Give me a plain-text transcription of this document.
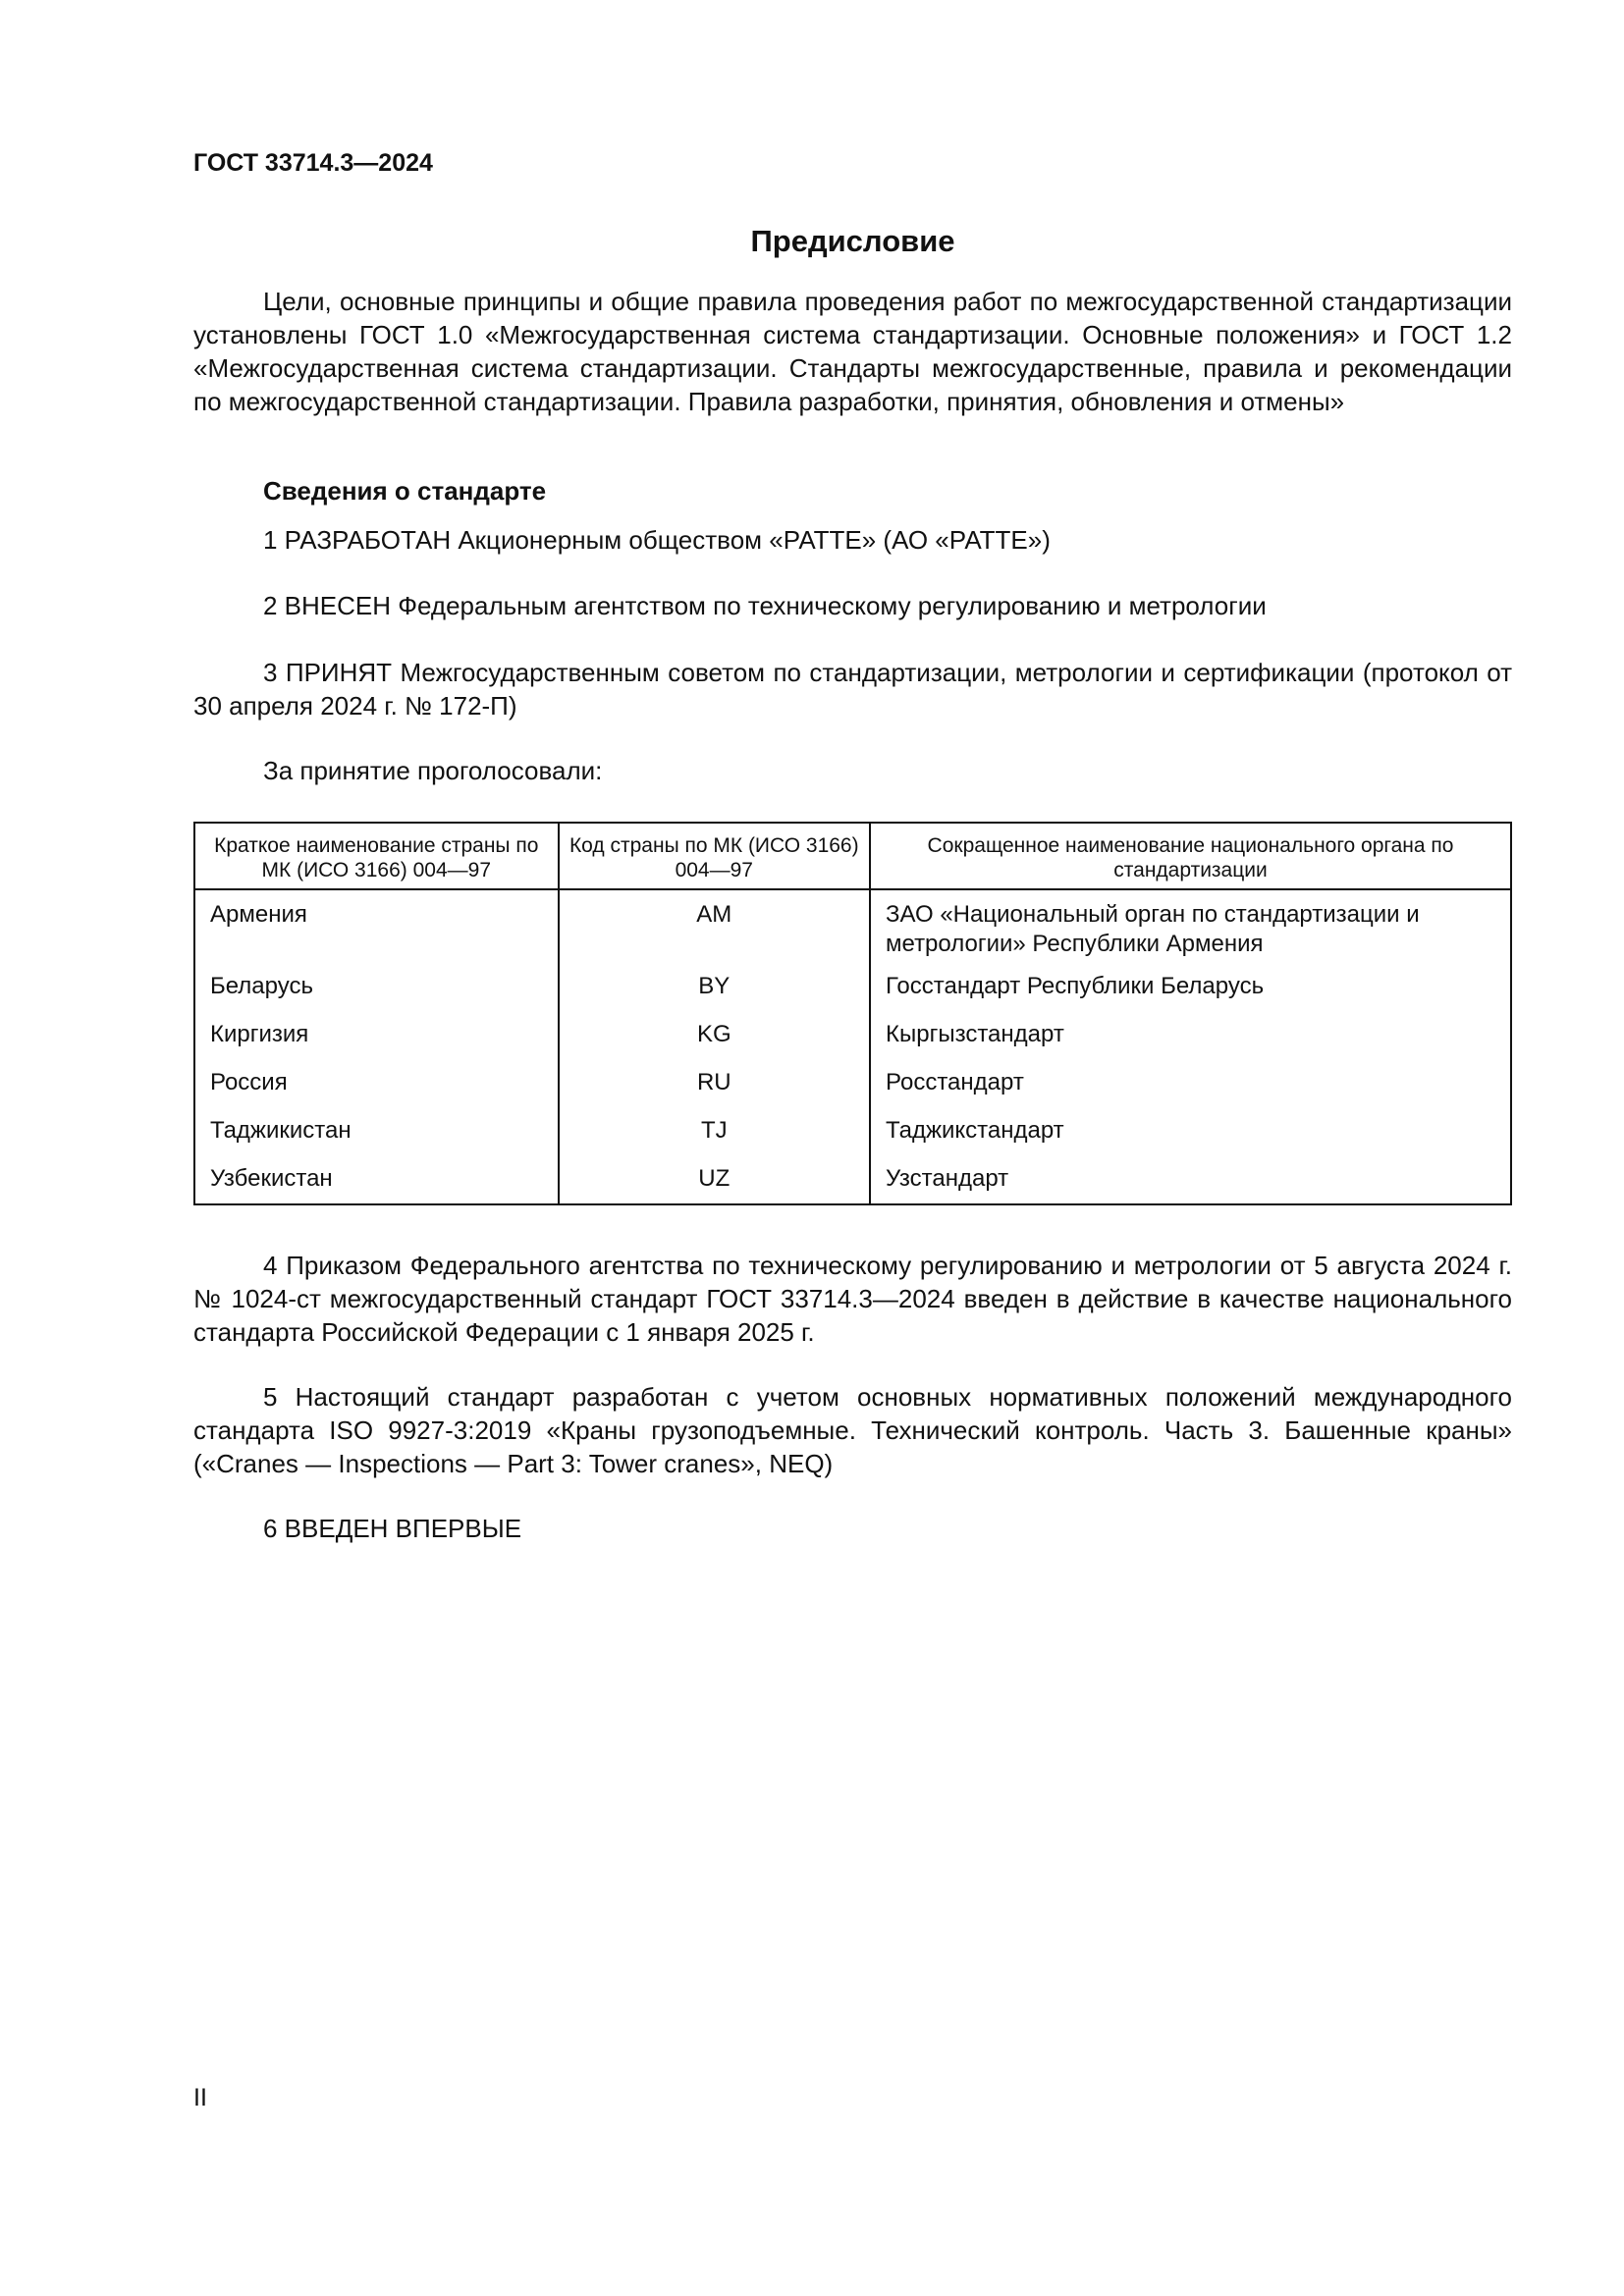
ГОСТ 33714.3—2024
Предисловие
Цели, основные принципы и общие правила проведения работ по межгосударственной стандартизации установлены ГОСТ 1.0 «Межгосударственная система стандартизации. Основные положения» и ГОСТ 1.2 «Межгосударственная система стандартизации. Стандарты межгосударственные, правила и рекомендации по межгосударственной стандартизации. Правила разработки, принятия, обновления и отмены»
Сведения о стандарте
1 РАЗРАБОТАН Акционерным обществом «РАТТЕ» (АО «РАТТЕ»)
2 ВНЕСЕН Федеральным агентством по техническому регулированию и метрологии
3 ПРИНЯТ Межгосударственным советом по стандартизации, метрологии и сертификации (протокол от 30 апреля 2024 г. № 172-П)
За принятие проголосовали:
Краткое наименование страны по МК (ИСО 3166) 004—97	Код страны по МК (ИСО 3166) 004—97	Сокращенное наименование национального органа по стандартизации
Армения	AM	ЗАО «Национальный орган по стандартизации и метрологии» Республики Армения
Беларусь	BY	Госстандарт Республики Беларусь
Киргизия	KG	Кыргызстандарт
Россия	RU	Росстандарт
Таджикистан	TJ	Таджикстандарт
Узбекистан	UZ	Узстандарт
4 Приказом Федерального агентства по техническому регулированию и метрологии от 5 августа 2024 г. № 1024-ст межгосударственный стандарт ГОСТ 33714.3—2024 введен в действие в качестве национального стандарта Российской Федерации с 1 января 2025 г.
5 Настоящий стандарт разработан с учетом основных нормативных положений международного стандарта ISO 9927-3:2019 «Краны грузоподъемные. Технический контроль. Часть 3. Башенные краны» («Cranes — Inspections — Part 3: Tower cranes», NEQ)
6 ВВЕДЕН ВПЕРВЫЕ
II
